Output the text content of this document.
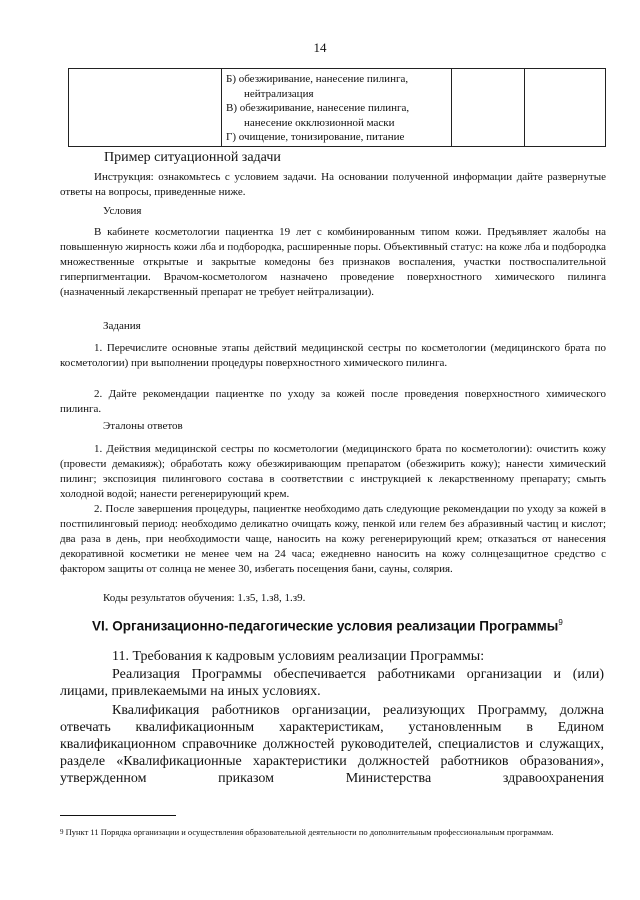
14

Б) обезжиривание, нанесение пилинга, нейтрализация
В) обезжиривание, нанесение пилинга, нанесение окклюзионной маски
Г) очищение, тонизирование, питание

Пример ситуационной задачи
Инструкция: ознакомьтесь с условием задачи. На основании полученной информации дайте развернутые ответы на вопросы, приведенные ниже.
Условия
В кабинете косметологии пациентка 19 лет с комбинированным типом кожи. Предъявляет жалобы на повышенную жирность кожи лба и подбородка, расширенные поры. Объективный статус: на коже лба и подбородка множественные открытые и закрытые комедоны без признаков воспаления, участки поствоспалительной гиперпигментации. Врачом-косметологом назначено проведение поверхностного химического пилинга (назначенный лекарственный препарат не требует нейтрализации).
Задания
1. Перечислите основные этапы действий медицинской сестры по косметологии (медицинского брата по косметологии) при выполнении процедуры поверхностного химического пилинга.
2. Дайте рекомендации пациентке по уходу за кожей после проведения поверхностного химического пилинга.
Эталоны ответов
1. Действия медицинской сестры по косметологии (медицинского брата по косметологии): очистить кожу (провести демакияж); обработать кожу обезжиривающим препаратом (обезжирить кожу); нанести химический пилинг; экспозиция пилингового состава в соответствии с инструкцией к лекарственному препарату; смыть холодной водой; нанести регенерирующий крем.
2. После завершения процедуры, пациентке необходимо дать следующие рекомендации по уходу за кожей в постпилинговый период: необходимо деликатно очищать кожу, пенкой или гелем без абразивный частиц и кислот; два раза в день, при необходимости чаще, наносить на кожу регенерирующий крем; отказаться от нанесения декоративной косметики не менее чем на 24 часа; ежедневно наносить на кожу солнцезащитное средство с фактором защиты от солнца не менее 30, избегать посещения бани, сауны, солярия.
Коды результатов обучения: 1.з5, 1.з8, 1.з9.
VI. Организационно-педагогические условия реализации Программы$^9$
11. Требования к кадровым условиям реализации Программы:
Реализация Программы обеспечивается работниками организации и (или) лицами, привлекаемыми на иных условиях.
Квалификация работников организации, реализующих Программу, должна отвечать квалификационным характеристикам, установленным в Едином квалификационном справочнике должностей руководителей, специалистов и служащих, разделе «Квалификационные характеристики должностей работников образования», утвержденном приказом Министерства здравоохранения
$^9$ Пункт 11 Порядка организации и осуществления образовательной деятельности по дополнительным профессиональным программам.
